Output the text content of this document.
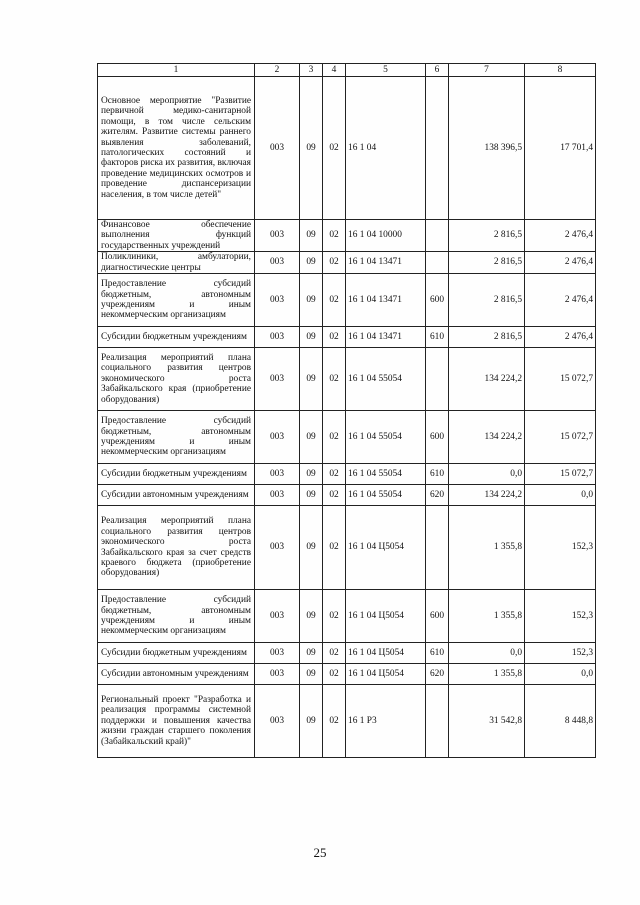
1	2	3	4	5	6	7	8
Основное мероприятие "Развитие первичной медико-санитарной помощи, в том числе сельским жителям. Развитие системы раннего выявления заболеваний, патологических состояний и факторов риска их развития, включая проведение медицинских осмотров и проведение диспансеризации населения, в том числе детей"	003	09	02	16 1 04		138 396,5	17 701,4
Финансовое обеспечение выполнения функций государственных учреждений	003	09	02	16 1 04 10000		2 816,5	2 476,4
Поликлиники, амбулатории, диагностические центры	003	09	02	16 1 04 13471		2 816,5	2 476,4
Предоставление субсидий бюджетным, автономным учреждениям и иным некоммерческим организациям	003	09	02	16 1 04 13471	600	2 816,5	2 476,4
Субсидии бюджетным учреждениям	003	09	02	16 1 04 13471	610	2 816,5	2 476,4
Реализация мероприятий плана социального развития центров экономического роста Забайкальского края (приобретение оборудования)	003	09	02	16 1 04 55054		134 224,2	15 072,7
Предоставление субсидий бюджетным, автономным учреждениям и иным некоммерческим организациям	003	09	02	16 1 04 55054	600	134 224,2	15 072,7
Субсидии бюджетным учреждениям	003	09	02	16 1 04 55054	610	0,0	15 072,7
Субсидии автономным учреждениям	003	09	02	16 1 04 55054	620	134 224,2	0,0
Реализация мероприятий плана социального развития центров экономического роста Забайкальского края за счет средств краевого бюджета (приобретение оборудования)	003	09	02	16 1 04 Ц5054		1 355,8	152,3
Предоставление субсидий бюджетным, автономным учреждениям и иным некоммерческим организациям	003	09	02	16 1 04 Ц5054	600	1 355,8	152,3
Субсидии бюджетным учреждениям	003	09	02	16 1 04 Ц5054	610	0,0	152,3
Субсидии автономным учреждениям	003	09	02	16 1 04 Ц5054	620	1 355,8	0,0
Региональный проект "Разработка и реализация программы системной поддержки и повышения качества жизни граждан старшего поколения (Забайкальский край)"	003	09	02	16 1 P3		31 542,8	8 448,8
25
